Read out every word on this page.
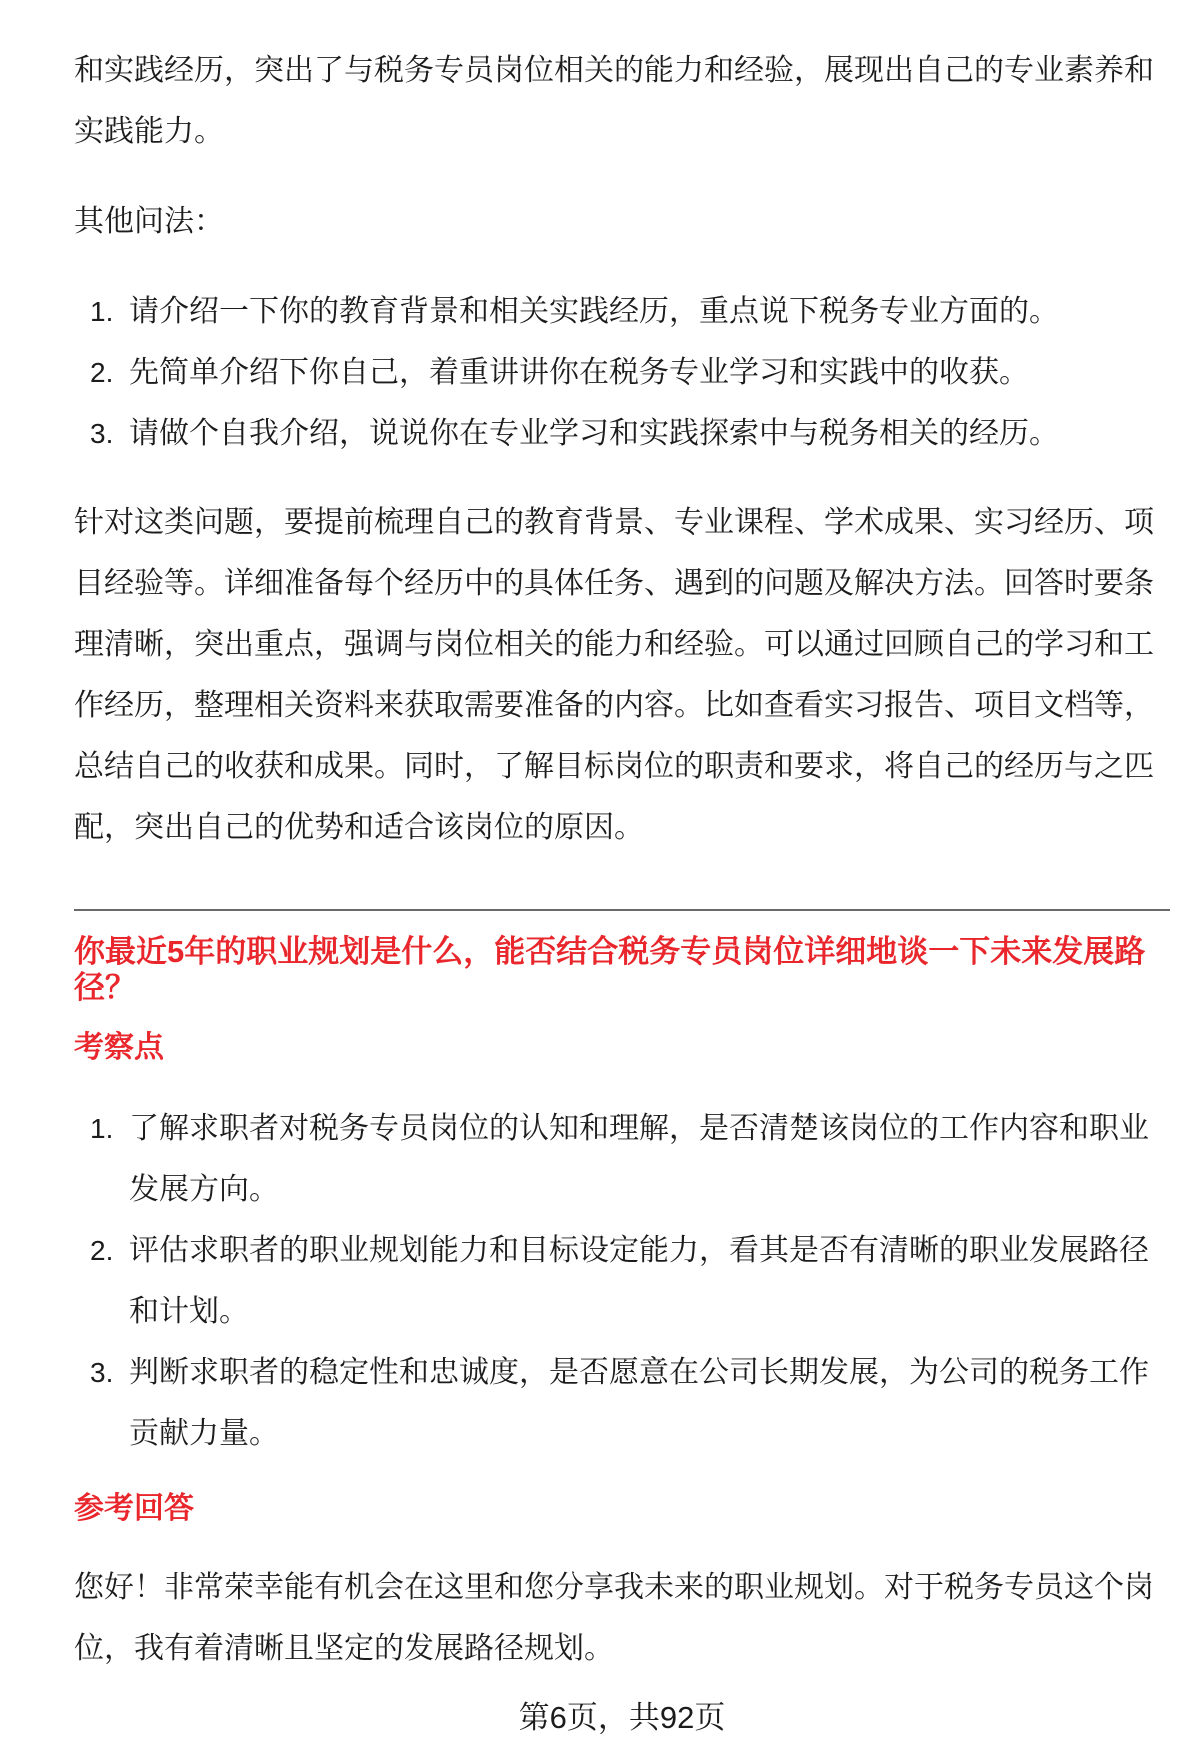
和实践经历，突出了与税务专员岗位相关的能力和经验，展现出自己的专业素养和实践能力。

其他问法：

1. 请介绍一下你的教育背景和相关实践经历，重点说下税务专业方面的。
2. 先简单介绍下你自己，着重讲讲你在税务专业学习和实践中的收获。
3. 请做个自我介绍，说说你在专业学习和实践探索中与税务相关的经历。

针对这类问题，要提前梳理自己的教育背景、专业课程、学术成果、实习经历、项目经验等。详细准备每个经历中的具体任务、遇到的问题及解决方法。回答时要条理清晰，突出重点，强调与岗位相关的能力和经验。可以通过回顾自己的学习和工作经历，整理相关资料来获取需要准备的内容。比如查看实习报告、项目文档等，总结自己的收获和成果。同时，了解目标岗位的职责和要求，将自己的经历与之匹配，突出自己的优势和适合该岗位的原因。

你最近5年的职业规划是什么，能否结合税务专员岗位详细地谈一下未来发展路径？
考察点
1. 了解求职者对税务专员岗位的认知和理解，是否清楚该岗位的工作内容和职业发展方向。
2. 评估求职者的职业规划能力和目标设定能力，看其是否有清晰的职业发展路径和计划。
3. 判断求职者的稳定性和忠诚度，是否愿意在公司长期发展，为公司的税务工作贡献力量。
参考回答

您好！非常荣幸能有机会在这里和您分享我未来的职业规划。对于税务专员这个岗位，我有着清晰且坚定的发展路径规划。

第6页，共92页
